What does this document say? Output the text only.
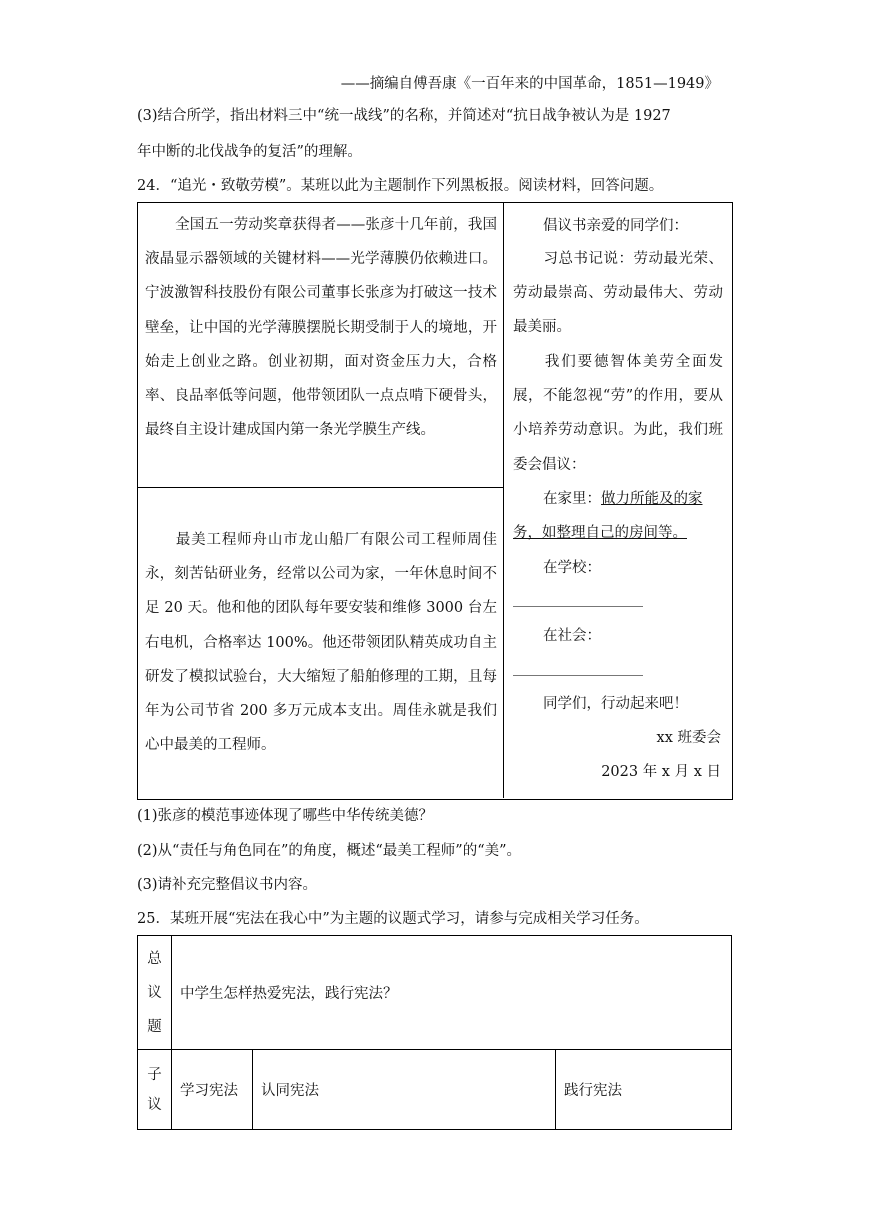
——摘编自傅吾康《一百年来的中国革命，1851—1949》
(3)结合所学，指出材料三中“统一战线”的名称，并简述对“抗日战争被认为是 1927
年中断的北伐战争的复活”的理解。
24．“追光・致敬劳模”。某班以此为主题制作下列黑板报。阅读材料，回答问题。
全国五一劳动奖章获得者——张彦十几年前，我国液晶显示器领域的关键材料——光学薄膜仍依赖进口。宁波激智科技股份有限公司董事长张彦为打破这一技术壁垒，让中国的光学薄膜摆脱长期受制于人的境地，开始走上创业之路。创业初期，面对资金压力大，合格率、良品率低等问题，他带领团队一点点啃下硬骨头，最终自主设计建成国内第一条光学膜生产线。
最美工程师舟山市龙山船厂有限公司工程师周佳永，刻苦钻研业务，经常以公司为家，一年休息时间不足 20 天。他和他的团队每年要安装和维修 3000 台左右电机，合格率达 100%。他还带领团队精英成功自主研发了模拟试验台，大大缩短了船舶修理的工期，且每年为公司节省 200 多万元成本支出。周佳永就是我们心中最美的工程师。
倡议书亲爱的同学们：
习总书记说：劳动最光荣、劳动最崇高、劳动最伟大、劳动最美丽。
我们要德智体美劳全面发展，不能忽视“劳”的作用，要从小培养劳动意识。为此，我们班委会倡议：
在家里：做力所能及的家
务，如整理自己的房间等。
在学校：
在社会：
同学们，行动起来吧！
xx 班委会
2023 年 x 月 x 日
(1)张彦的模范事迹体现了哪些中华传统美德？
(2)从“责任与角色同在”的角度，概述“最美工程师”的“美”。
(3)请补充完整倡议书内容。
25．某班开展“宪法在我心中”为主题的议题式学习，请参与完成相关学习任务。
总议题	中学生怎样热爱宪法，践行宪法？		
子议	学习宪法	认同宪法	践行宪法
